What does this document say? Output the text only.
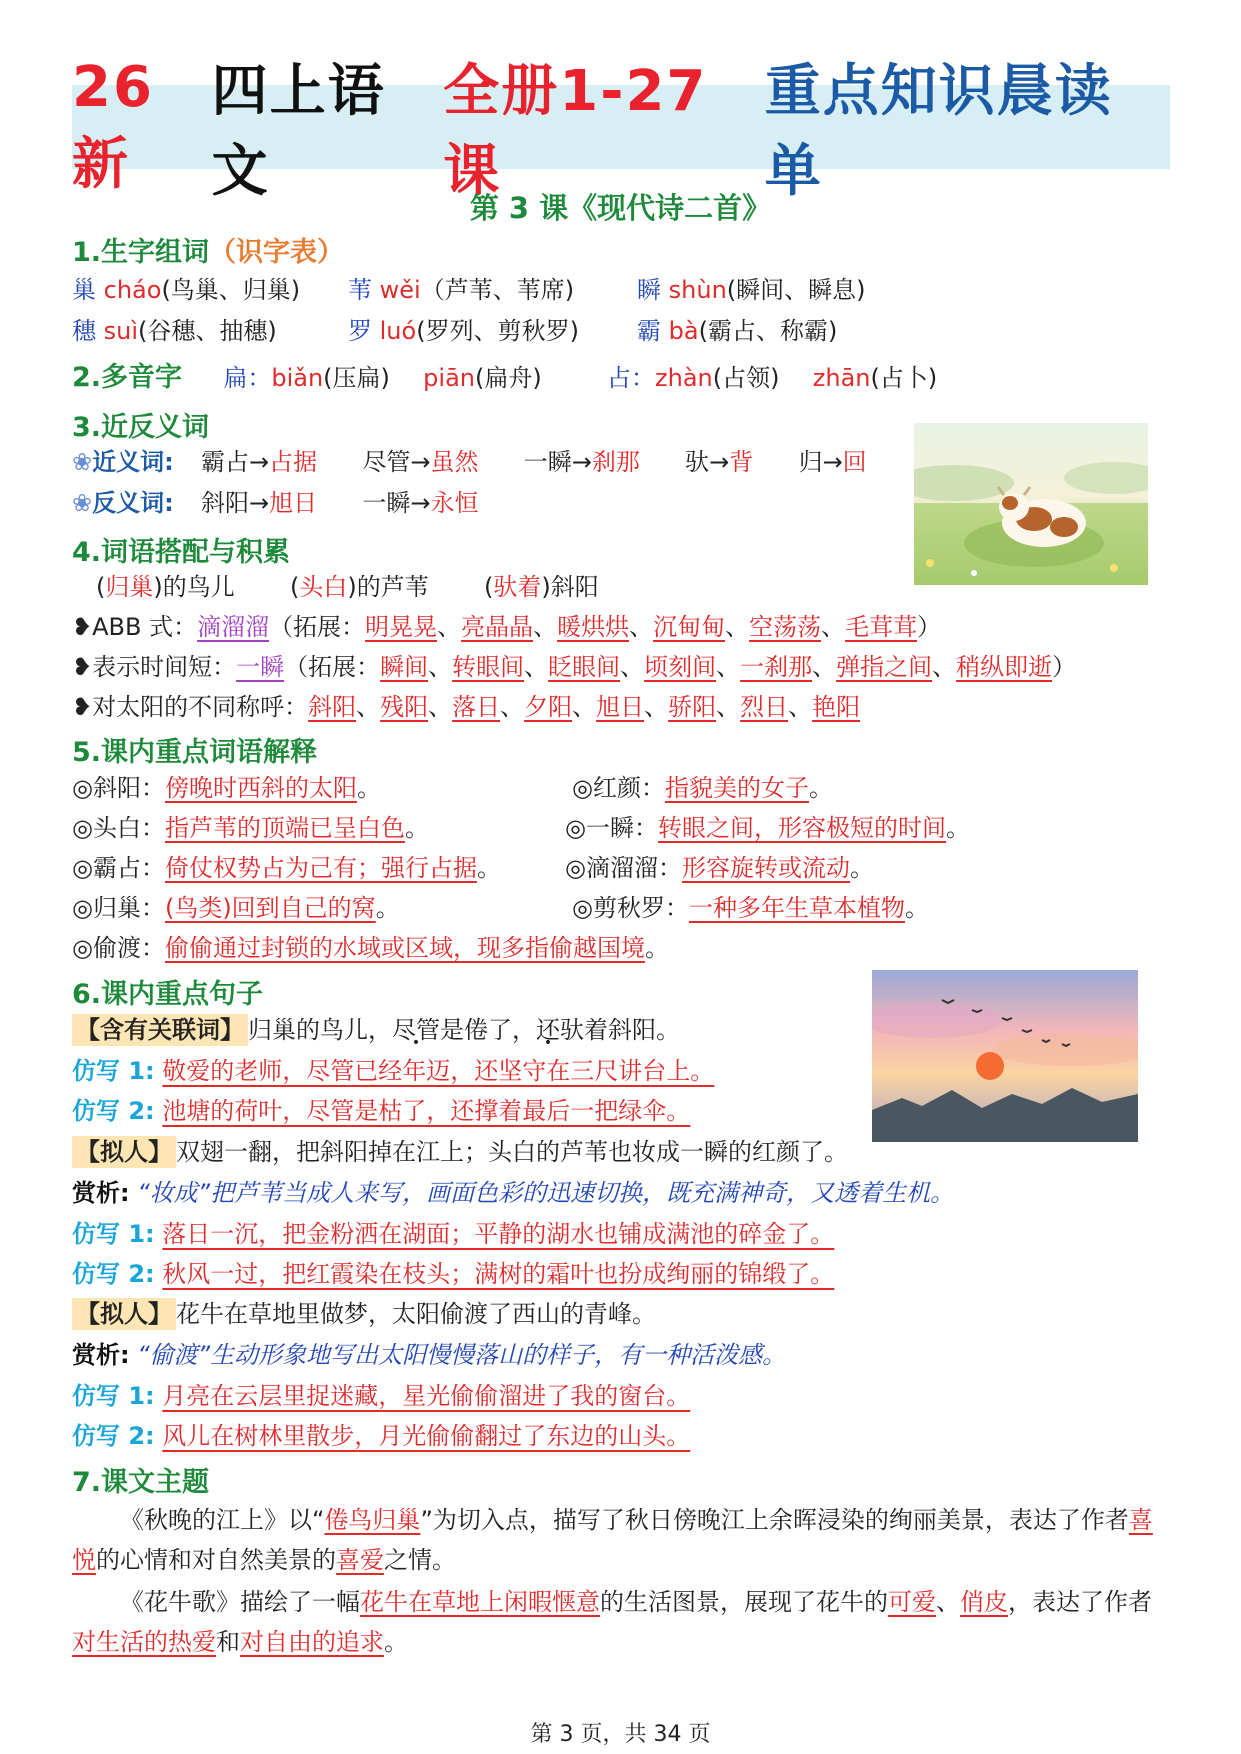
26新
四上语文
全册1-27课
重点知识晨读单
第 3 课《现代诗二首》
1.生字组词（识字表）
巢 cháo(鸟巢、归巢) 苇 wěi（芦苇、苇席)	瞬 shùn(瞬间、瞬息)
穗 suì(谷穗、抽穗)	罗 luó(罗列、剪秋罗) 霸 bà(霸占、称霸)
2.多音字 扁：biǎn(压扁) piān(扁舟)	占：zhàn(占领) zhān(占卜)
3.近反义词
❀近义词: 霸占→占据 尽管→虽然 一瞬→刹那 驮→背 归→回
❀反义词: 斜阳→旭日 一瞬→永恒
4.词语搭配与积累
(归巢)的鸟儿  (头白)的芦苇  (驮着)斜阳
❥ABB 式：滴溜溜（拓展：明晃晃、亮晶晶、暖烘烘、沉甸甸、空荡荡、毛茸茸）
❥表示时间短：一瞬（拓展：瞬间、转眼间、眨眼间、顷刻间、一刹那、弹指之间、稍纵即逝）
❥对太阳的不同称呼：斜阳、残阳、落日、夕阳、旭日、骄阳、烈日、艳阳
5.课内重点词语解释
◎斜阳：傍晚时西斜的太阳。	◎红颜：指貌美的女子。
◎头白：指芦苇的顶端已呈白色。	◎一瞬：转眼之间，形容极短的时间。
◎霸占：倚仗权势占为己有；强行占据。	◎滴溜溜：形容旋转或流动。
◎归巢：(鸟类)回到自己的窝。	◎剪秋罗：一种多年生草本植物。
◎偷渡：偷偷通过封锁的水域或区域，现多指偷越国境。
6.课内重点句子
【含有关联词】 归巢的鸟儿，尽管是倦了，还驮着斜阳。
仿写 1: 敬爱的老师，尽管已经年迈，还坚守在三尺讲台上。
仿写 2: 池塘的荷叶，尽管是枯了，还撑着最后一把绿伞。
【拟人】 双翅一翻，把斜阳掉在江上；头白的芦苇也妆成一瞬的红颜了。
赏析: “妆成”把芦苇当成人来写，画面色彩的迅速切换，既充满神奇，又透着生机。
仿写 1: 落日一沉，把金粉洒在湖面；平静的湖水也铺成满池的碎金了。
仿写 2: 秋风一过，把红霞染在枝头；满树的霜叶也扮成绚丽的锦缎了。
【拟人】 花牛在草地里做梦，太阳偷渡了西山的青峰。
赏析: “偷渡”生动形象地写出太阳慢慢落山的样子，有一种活泼感。
仿写 1: 月亮在云层里捉迷藏，星光偷偷溜进了我的窗台。
仿写 2: 风儿在树林里散步，月光偷偷翻过了东边的山头。
7.课文主题
《秋晚的江上》以“倦鸟归巢”为切入点，描写了秋日傍晚江上余晖浸染的绚丽美景，表达了作者喜悦的心情和对自然美景的喜爱之情。
《花牛歌》描绘了一幅花牛在草地上闲暇惬意的生活图景，展现了花牛的可爱、俏皮，表达了作者对生活的热爱和对自由的追求。
第 3 页，共 34 页
